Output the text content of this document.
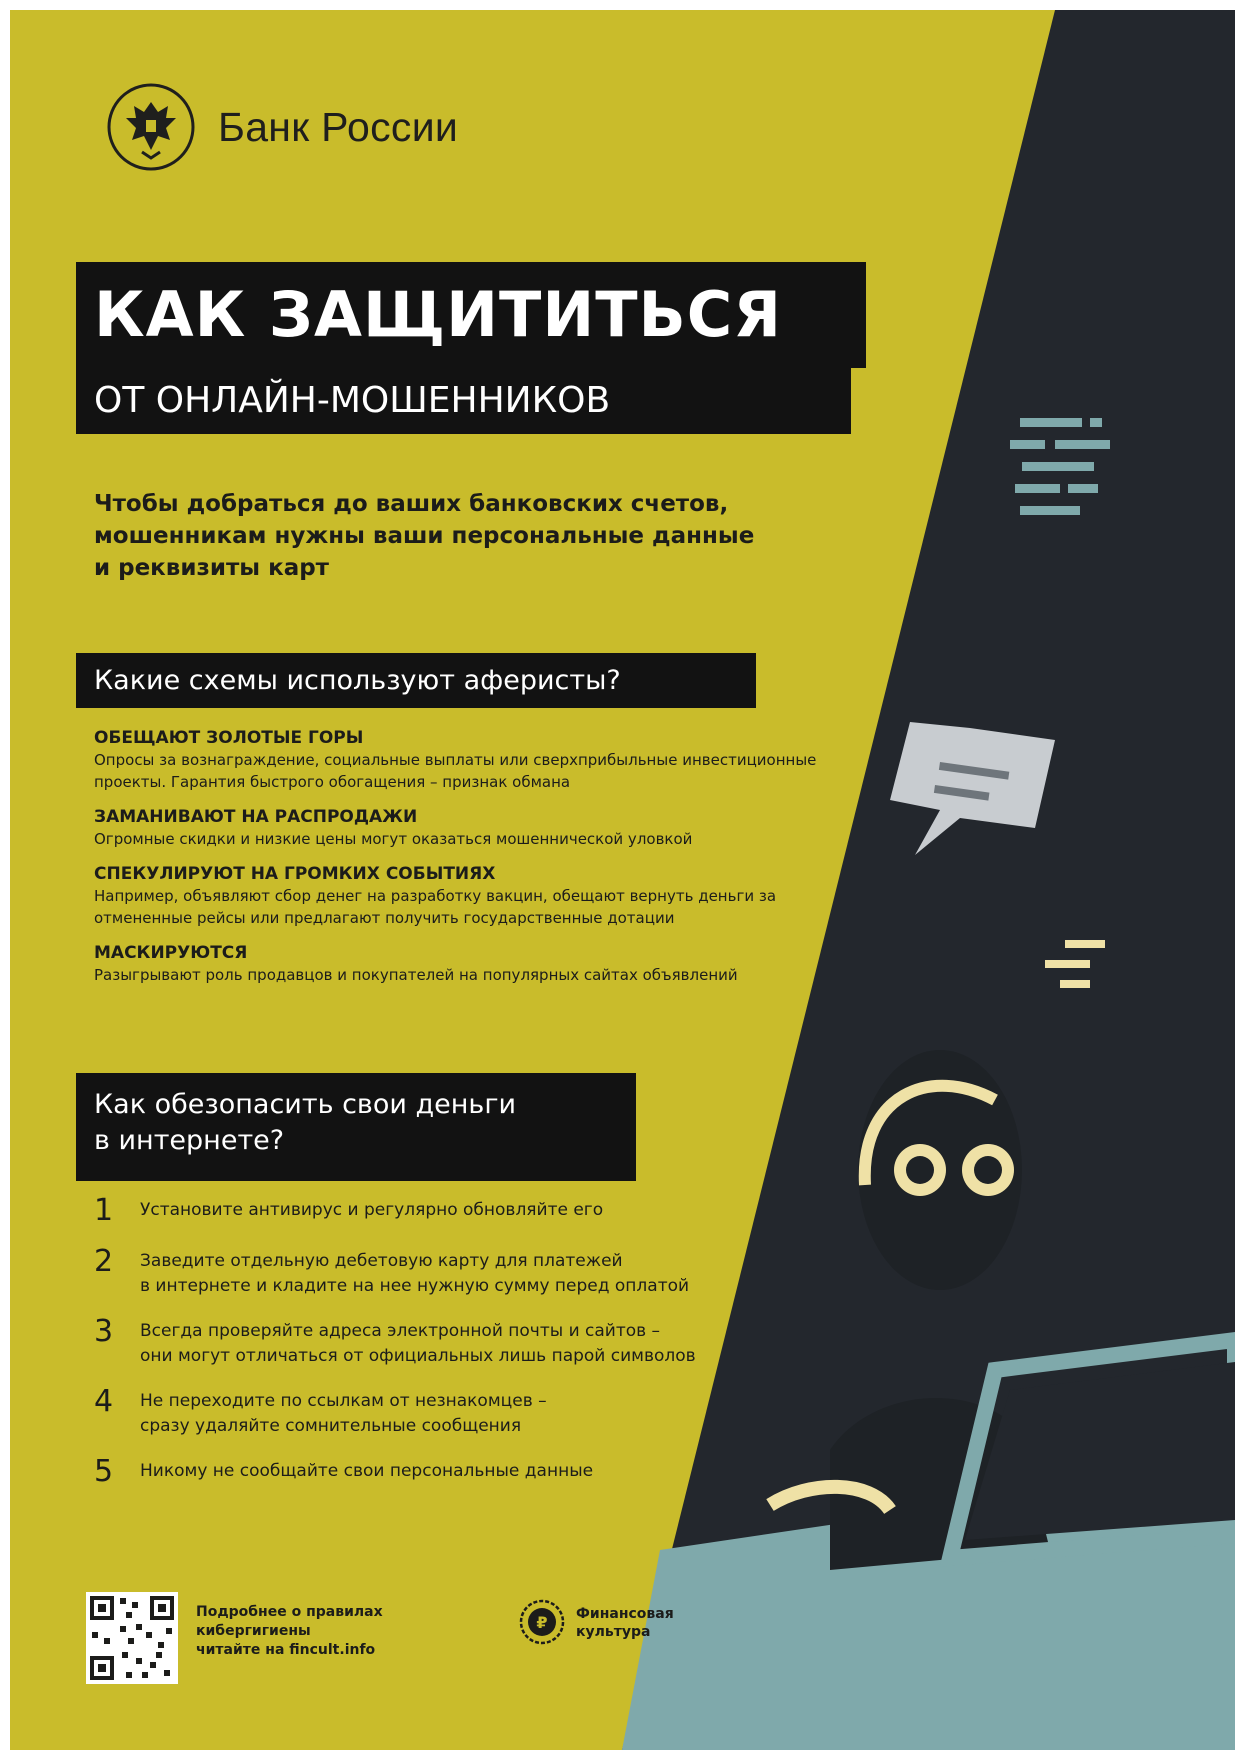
Банк России
КАК ЗАЩИТИТЬСЯ
ОТ ОНЛАЙН-МОШЕННИКОВ
Чтобы добраться до ваших банковских счетов,
мошенникам нужны ваши персональные данные
и реквизиты карт
Какие схемы используют аферисты?
ОБЕЩАЮТ ЗОЛОТЫЕ ГОРЫ
Опросы за вознаграждение, социальные выплаты или сверхприбыльные инвестиционные проекты. Гарантия быстрого обогащения – признак обмана
ЗАМАНИВАЮТ НА РАСПРОДАЖИ
Огромные скидки и низкие цены могут оказаться мошеннической уловкой
СПЕКУЛИРУЮТ НА ГРОМКИХ СОБЫТИЯХ
Например, объявляют сбор денег на разработку вакцин, обещают вернуть деньги за отмененные рейсы или предлагают получить государственные дотации
МАСКИРУЮТСЯ
Разыгрывают роль продавцов и покупателей на популярных сайтах объявлений
Как обезопасить свои деньги
в интернете?
1	Установите антивирус и регулярно обновляйте его
2	Заведите отдельную дебетовую карту для платежей
в интернете и кладите на нее нужную сумму перед оплатой
3	Всегда проверяйте адреса электронной почты и сайтов –
они могут отличаться от официальных лишь парой символов
4	Не переходите по ссылкам от незнакомцев –
сразу удаляйте сомнительные сообщения
5	Никому не сообщайте свои персональные данные
Подробнее о правилах
кибергигиены
читайте на fincult.info
₽ Финансовая
культура
